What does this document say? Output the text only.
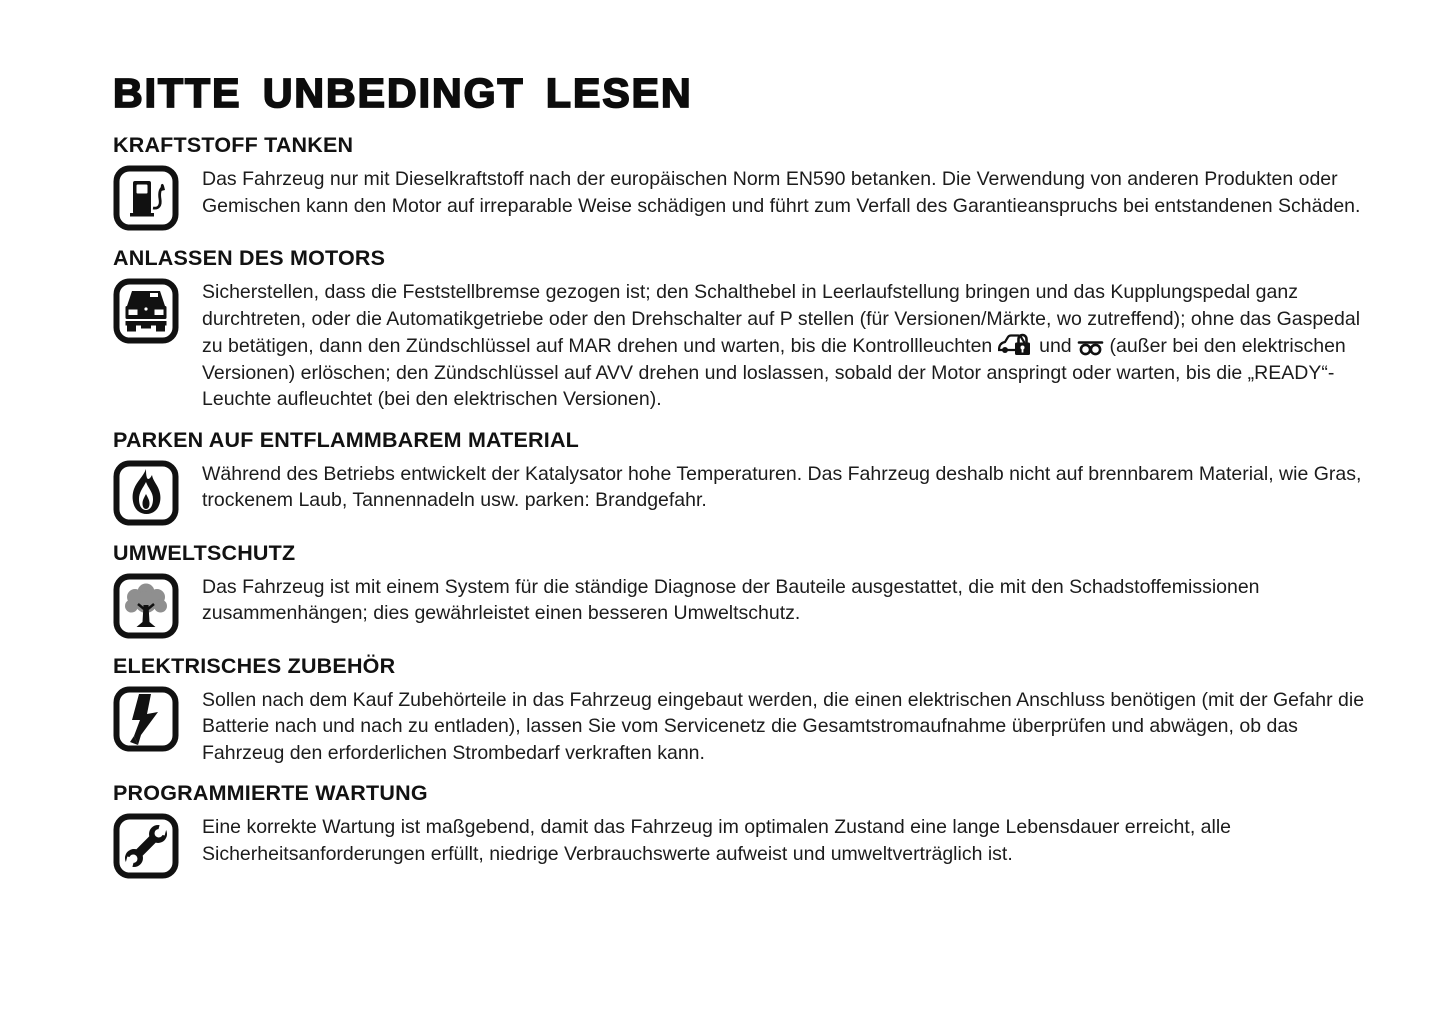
BITTE UNBEDINGT LESEN
KRAFTSTOFF TANKEN

Das Fahrzeug nur mit Dieselkraftstoff nach der europäischen Norm EN590 betanken. Die Verwendung von anderen Produkten oder Gemischen kann den Motor auf irreparable Weise schädigen und führt zum Verfall des Garantieanspruchs bei entstandenen Schäden.

ANLASSEN DES MOTORS

Sicherstellen, dass die Feststellbremse gezogen ist; den Schalthebel in Leerlaufstellung bringen und das Kupplungspedal ganz durchtreten, oder die Automatikgetriebe oder den Drehschalter auf P stellen (für Versionen/Märkte, wo zutreffend); ohne das Gaspedal zu betätigen, dann den Zündschlüssel auf MAR drehen und warten, bis die Kontrollleuchten  und  (außer bei den elektrischen Versionen) erlöschen; den Zündschlüssel auf AVV drehen und loslassen, sobald der Motor anspringt oder warten, bis die „READY“-Leuchte aufleuchtet (bei den elektrischen Versionen).

PARKEN AUF ENTFLAMMBAREM MATERIAL

Während des Betriebs entwickelt der Katalysator hohe Temperaturen. Das Fahrzeug deshalb nicht auf brennbarem Material, wie Gras, trockenem Laub, Tannennadeln usw. parken: Brandgefahr.

UMWELTSCHUTZ

Das Fahrzeug ist mit einem System für die ständige Diagnose der Bauteile ausgestattet, die mit den Schadstoffemissionen zusammenhängen; dies gewährleistet einen besseren Umweltschutz.

ELEKTRISCHES ZUBEHÖR

Sollen nach dem Kauf Zubehörteile in das Fahrzeug eingebaut werden, die einen elektrischen Anschluss benötigen (mit der Gefahr die Batterie nach und nach zu entladen), lassen Sie vom Servicenetz die Gesamtstromaufnahme überprüfen und abwägen, ob das Fahrzeug den erforderlichen Strombedarf verkraften kann.

PROGRAMMIERTE WARTUNG

Eine korrekte Wartung ist maßgebend, damit das Fahrzeug im optimalen Zustand eine lange Lebensdauer erreicht, alle Sicherheitsanforderungen erfüllt, niedrige Verbrauchswerte aufweist und umweltverträglich ist.
